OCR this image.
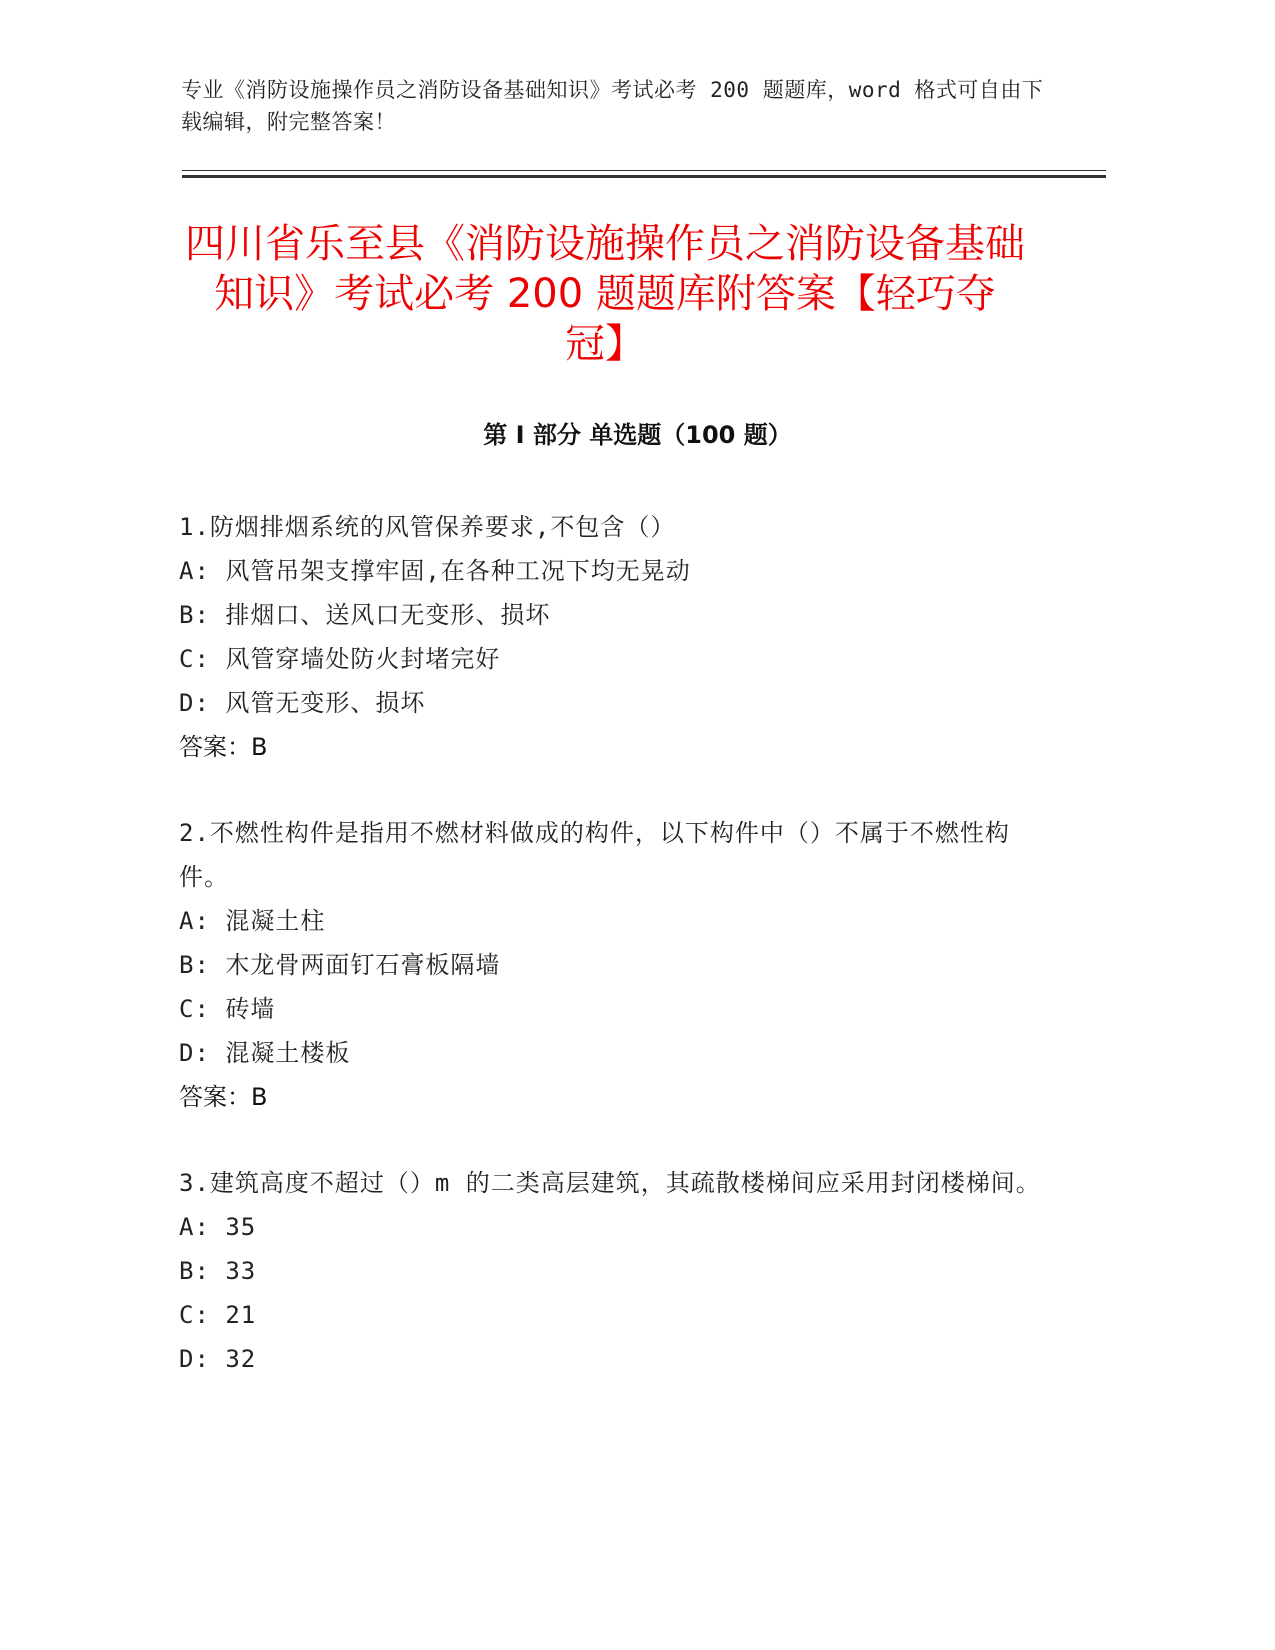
专业《消防设施操作员之消防设备基础知识》考试必考 200 题题库，word 格式可自由下载编辑，附完整答案！
四川省乐至县《消防设施操作员之消防设备基础知识》考试必考 200 题题库附答案【轻巧夺冠】
第 I 部分 单选题（100 题）
1.防烟排烟系统的风管保养要求,不包含（）
A: 风管吊架支撑牢固,在各种工况下均无晃动
B: 排烟口、送风口无变形、损坏
C: 风管穿墙处防火封堵完好
D: 风管无变形、损坏
答案：B
2.不燃性构件是指用不燃材料做成的构件，以下构件中（）不属于不燃性构件。
A: 混凝土柱
B: 木龙骨两面钉石膏板隔墙
C: 砖墙
D: 混凝土楼板
答案：B
3.建筑高度不超过（）m 的二类高层建筑，其疏散楼梯间应采用封闭楼梯间。
A: 35
B: 33
C: 21
D: 32
